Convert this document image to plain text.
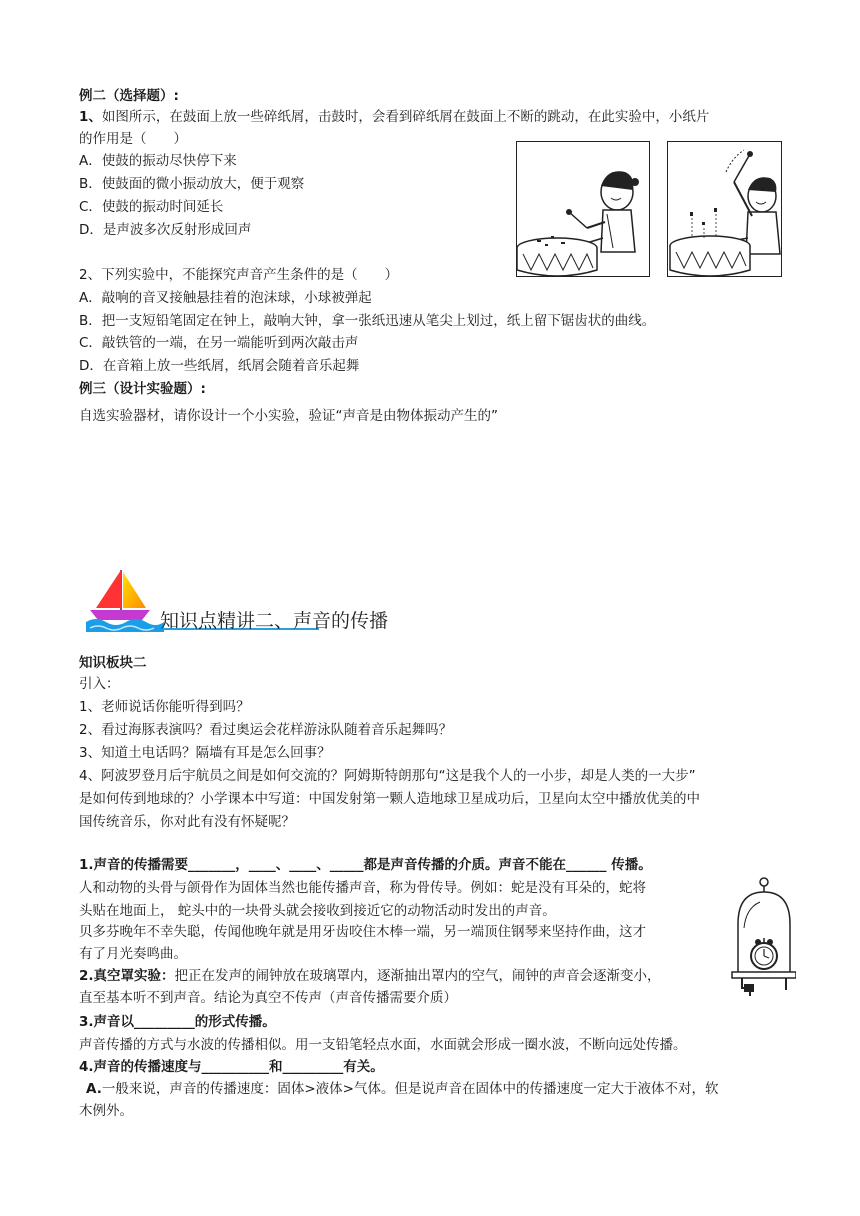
例二（选择题）:
1、如图所示，在鼓面上放一些碎纸屑，击鼓时，会看到碎纸屑在鼓面上不断的跳动，在此实验中，小纸片
的作用是（　　）
A．使鼓的振动尽快停下来
B．使鼓面的微小振动放大，便于观察
C．使鼓的振动时间延长
D．是声波多次反射形成回声
2、下列实验中，不能探究声音产生条件的是（　　）
A．敲响的音叉接触悬挂着的泡沫球，小球被弹起
B．把一支短铅笔固定在钟上，敲响大钟，拿一张纸迅速从笔尖上划过，纸上留下锯齿状的曲线。
C．敲铁管的一端，在另一端能听到两次敲击声
D．在音箱上放一些纸屑，纸屑会随着音乐起舞
例三（设计实验题）:
自选实验器材，请你设计一个小实验，验证“声音是由物体振动产生的”
知识点精讲二、声音的传播
知识板块二
引入：
1、老师说话你能听得到吗？
2、看过海豚表演吗？看过奥运会花样游泳队随着音乐起舞吗？
3、知道土电话吗？隔墙有耳是怎么回事？
4、阿波罗登月后宇航员之间是如何交流的？阿姆斯特朗那句“这是我个人的一小步，却是人类的一大步”
是如何传到地球的？小学课本中写道：中国发射第一颗人造地球卫星成功后，卫星向太空中播放优美的中
国传统音乐，你对此有没有怀疑呢？
1.声音的传播需要_______，____、____、_____都是声音传播的介质。声音不能在______ 传播。
人和动物的头骨与颌骨作为固体当然也能传播声音，称为骨传导。例如：蛇是没有耳朵的，蛇将
头贴在地面上， 蛇头中的一块骨头就会接收到接近它的动物活动时发出的声音。
贝多芬晚年不幸失聪，传闻他晚年就是用牙齿咬住木棒一端，另一端顶住钢琴来坚持作曲，这才
有了月光奏鸣曲。
2.真空罩实验：把正在发声的闹钟放在玻璃罩内，逐渐抽出罩内的空气，闹钟的声音会逐渐变小，
直至基本听不到声音。结论为真空不传声（声音传播需要介质）
3.声音以_________的形式传播。
声音传播的方式与水波的传播相似。用一支铅笔轻点水面，水面就会形成一圈水波，不断向远处传播。
4.声音的传播速度与__________和_________有关。
A.一般来说，声音的传播速度：固体>液体>气体。但是说声音在固体中的传播速度一定大于液体不对，软
木例外。
